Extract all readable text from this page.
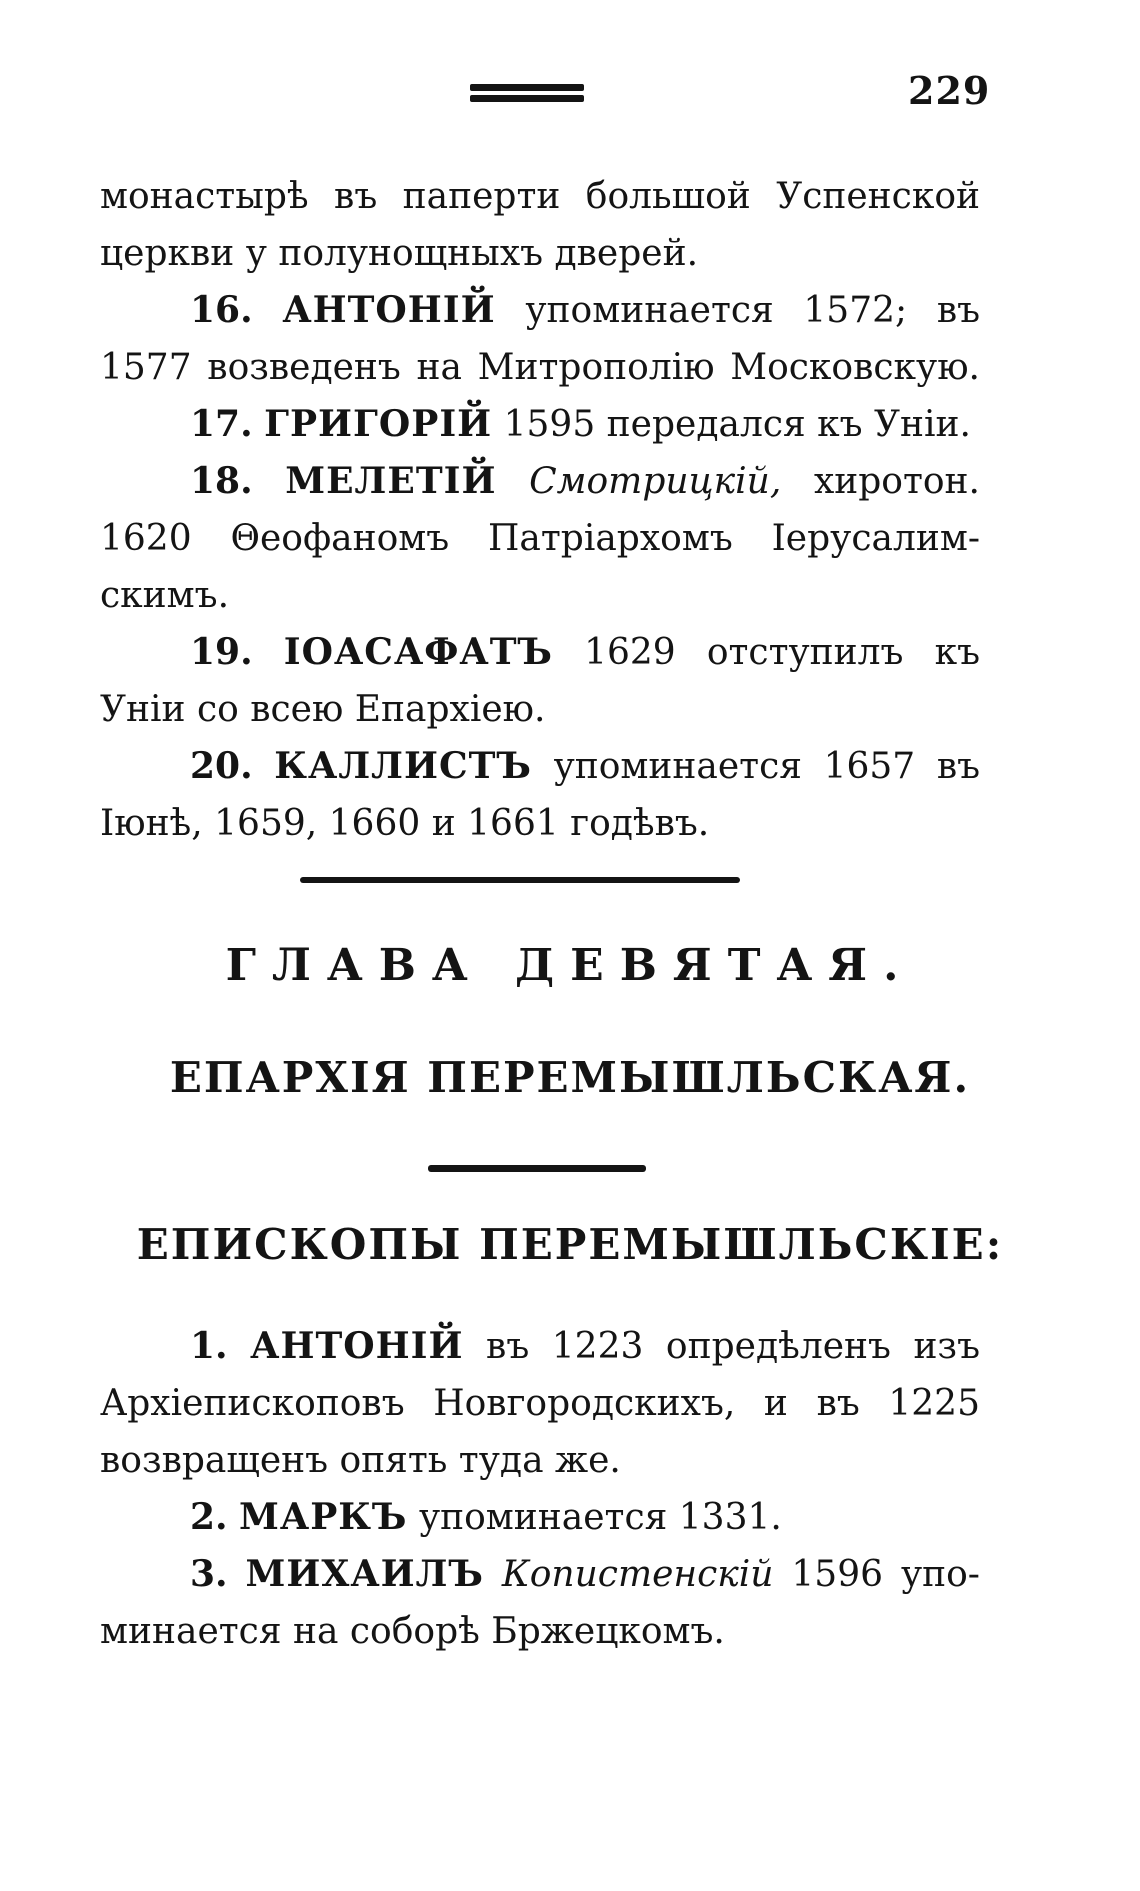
229
монастырѣ въ паперти большой Успенской
церкви у полунощныхъ дверей.
16. АНТОНIЙ упоминается 1572; въ
1577 возведенъ на Митрополiю Московскую.
17. ГРИГОРIЙ 1595 передался къ Унiи.
18. МЕЛЕТIЙ Смотрицкiй, хиротон.
1620 Θеофаномъ Патрiархомъ Iерусалим-
скимъ.
19. IОАСАФАТЪ 1629 отступилъ къ
Унiи со всею Епархiею.
20. КАЛЛИСТЪ упоминается 1657 въ
Iюнѣ, 1659, 1660 и 1661 годѣвъ.
ГЛАВА ДЕВЯТАЯ.
ЕПАРХIЯ ПЕРЕМЫШЛЬСКАЯ.
ЕПИСКОПЫ ПЕРЕМЫШЛЬСКIЕ:
1. АНТОНIЙ въ 1223 опредѣленъ изъ
Архiепископовъ Новгородскихъ, и въ 1225
возвращенъ опять туда же.
2. МАРКЪ упоминается 1331.
3. МИХАИЛЪ Копистенскiй 1596 упо-
минается на соборѣ Бржецкомъ.
